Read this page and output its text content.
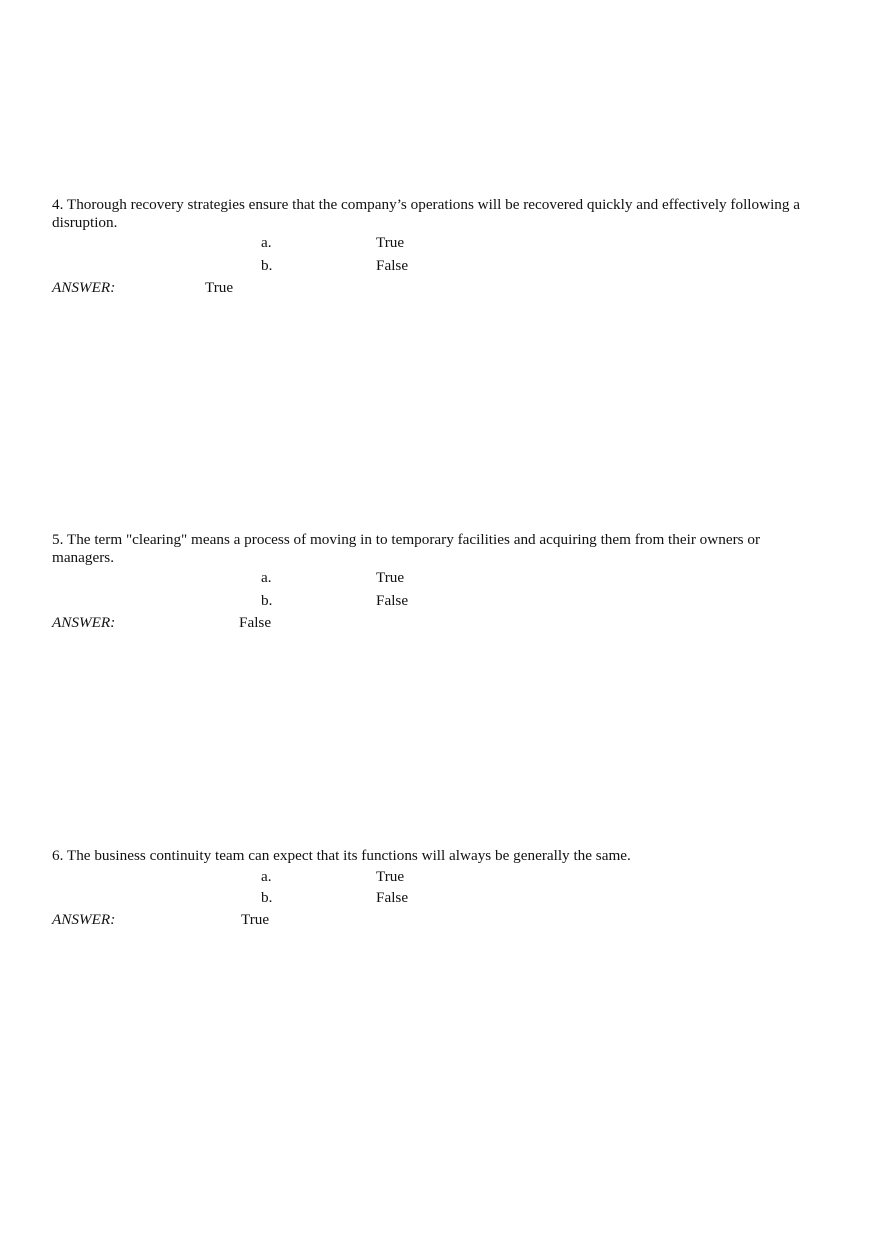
4. Thorough recovery strategies ensure that the company’s operations will be recovered quickly and effectively following a disruption.

a.	True
b.	False
ANSWER:	True

5. The term "clearing" means a process of moving in to temporary facilities and acquiring them from their owners or managers.

a.	True
b.	False
ANSWER:	False

6. The business continuity team can expect that its functions will always be generally the same.

a.	True
b.	False
ANSWER:	True
